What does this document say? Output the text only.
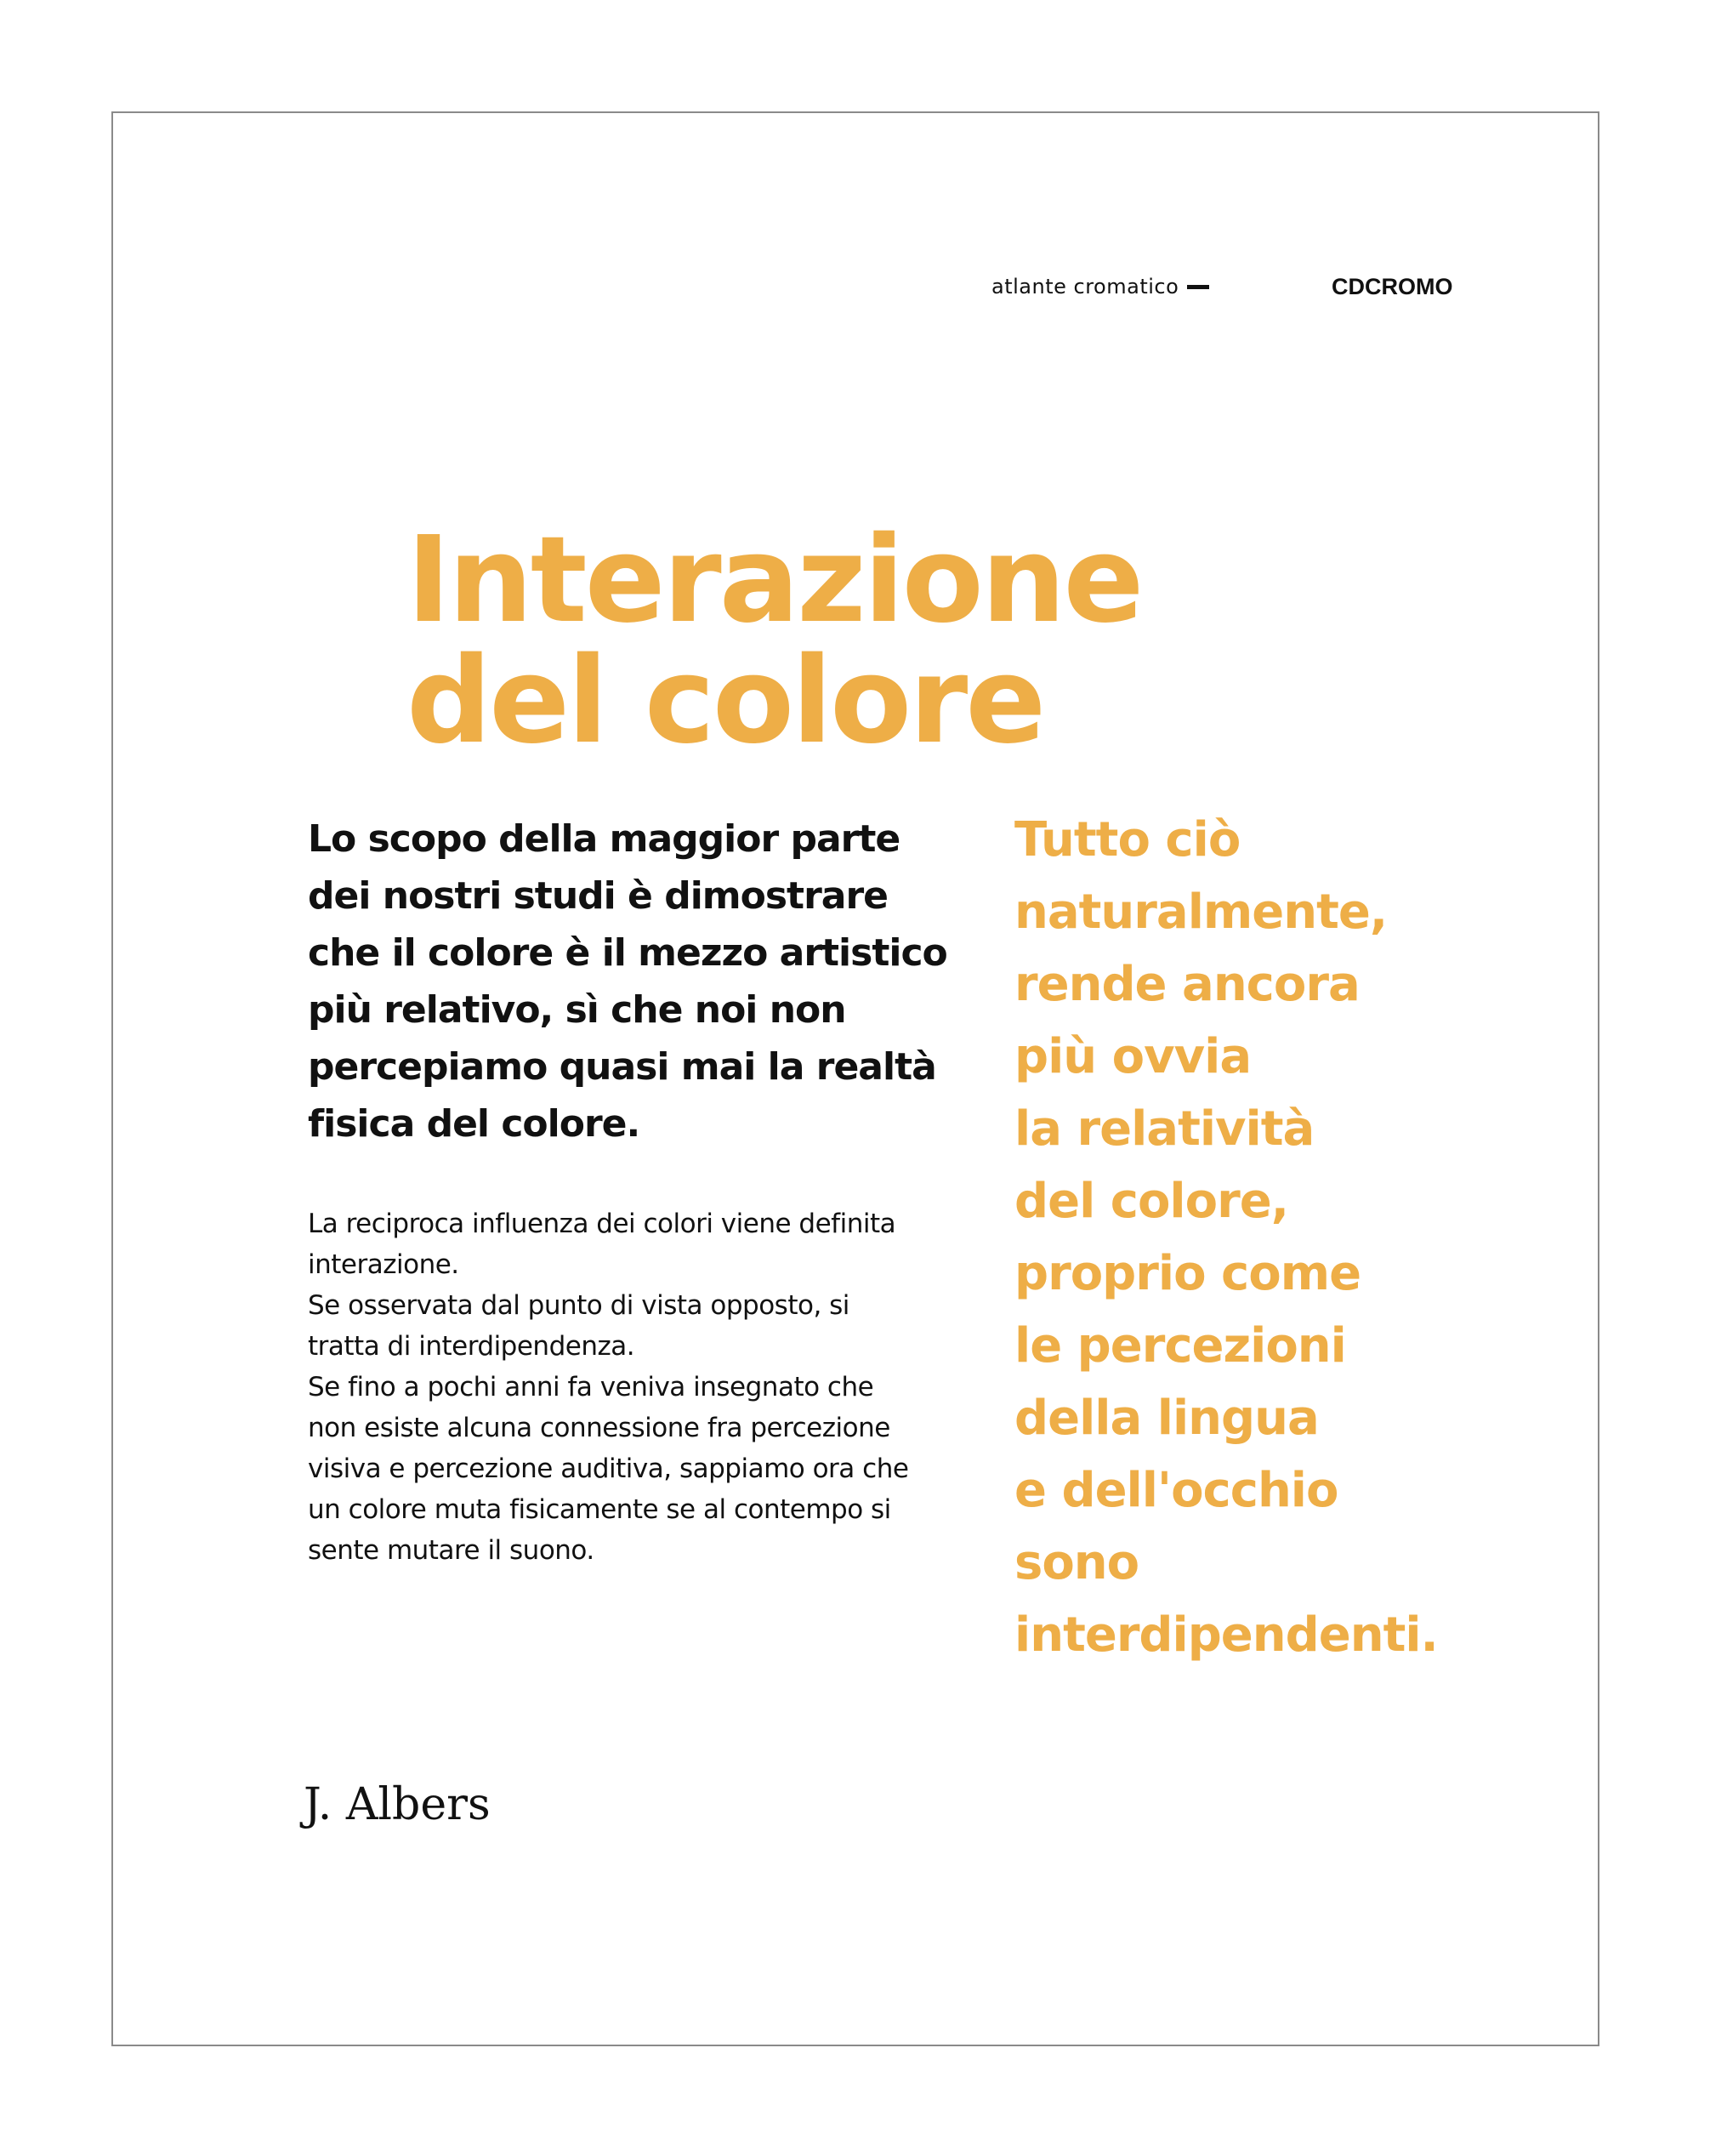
atlante cromatico	CDCROMO
Interazione
del colore

Lo scopo della maggior parte
dei nostri studi è dimostrare
che il colore è il mezzo artistico
più relativo, sì che noi non
percepiamo quasi mai la realtà
fisica del colore.

La reciproca influenza dei colori viene definita
interazione.
Se osservata dal punto di vista opposto, si
tratta di interdipendenza.
Se fino a pochi anni fa veniva insegnato che
non esiste alcuna connessione fra percezione
visiva e percezione auditiva, sappiamo ora che
un colore muta fisicamente se al contempo si
sente mutare il suono.

Tutto ciò
naturalmente,
rende ancora
più ovvia
la relatività
del colore,
proprio come
le percezioni
della lingua
e dell'occhio
sono
interdipendenti.

J. Albers
